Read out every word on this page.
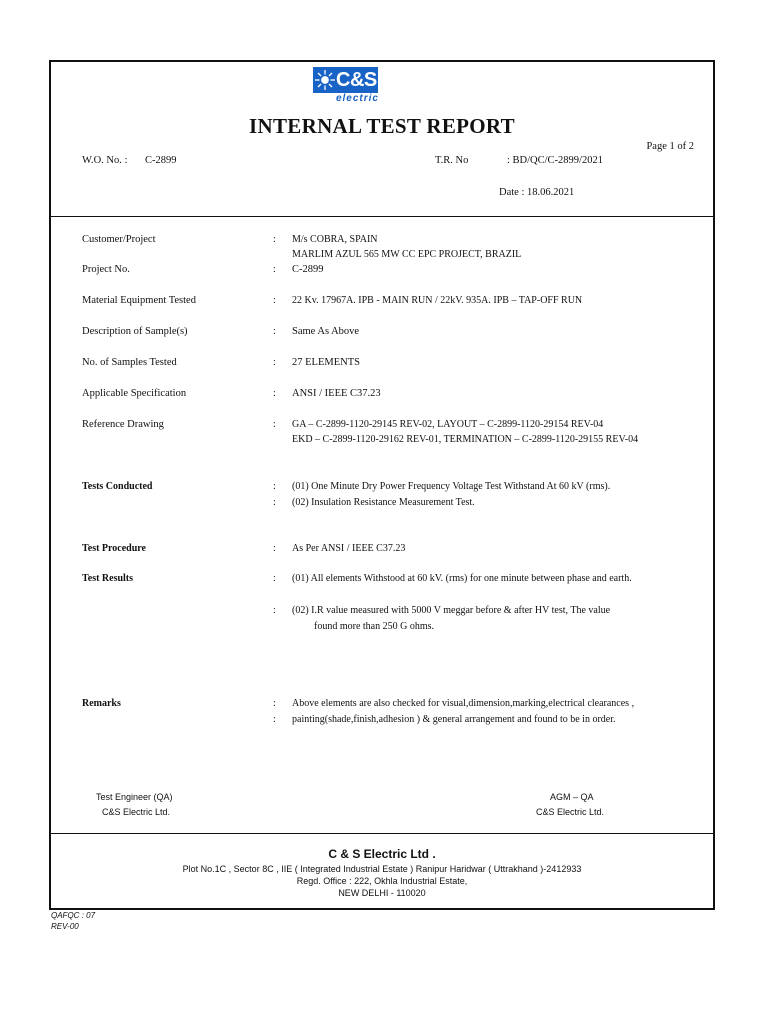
C&S
electric
INTERNAL TEST REPORT
Page 1 of 2
W.O. No. : C-2899	T.R. No	: BD/QC/C-2899/2021
Date : 18.06.2021
Customer/Project	: M/s COBRA, SPAIN
MARLIM AZUL 565 MW CC EPC PROJECT, BRAZIL
Project No.	: C-2899
Material Equipment Tested	: 22 Kv. 17967A. IPB - MAIN RUN / 22kV. 935A. IPB – TAP-OFF RUN
Description of Sample(s)	: Same As Above
No. of Samples Tested	: 27 ELEMENTS
Applicable Specification	: ANSI / IEEE C37.23
Reference Drawing	: GA – C-2899-1120-29145 REV-02, LAYOUT – C-2899-1120-29154 REV-04
EKD – C-2899-1120-29162 REV-01, TERMINATION – C-2899-1120-29155 REV-04
Tests Conducted	: (01) One Minute Dry Power Frequency Voltage Test Withstand At 60 kV (rms).
: (02) Insulation Resistance Measurement Test.
Test Procedure	: As Per ANSI / IEEE C37.23
Test Results	: (01) All elements Withstood at 60 kV. (rms) for one minute between phase and earth.
: (02) I.R value measured with 5000 V meggar before & after HV test, The value
found more than 250 G ohms.
Remarks	: Above elements are also checked for visual,dimension,marking,electrical clearances ,
: painting(shade,finish,adhesion ) & general arrangement and found to be in order.
Test Engineer (QA)
C&S Electric Ltd.
AGM – QA
C&S Electric Ltd.
C & S Electric Ltd .
Plot No.1C , Sector 8C , IIE ( Integrated Industrial Estate ) Ranipur Haridwar ( Uttrakhand )-2412933
Regd. Office : 222, Okhla Industrial Estate,
NEW DELHI - 110020
QAFQC : 07
REV-00
